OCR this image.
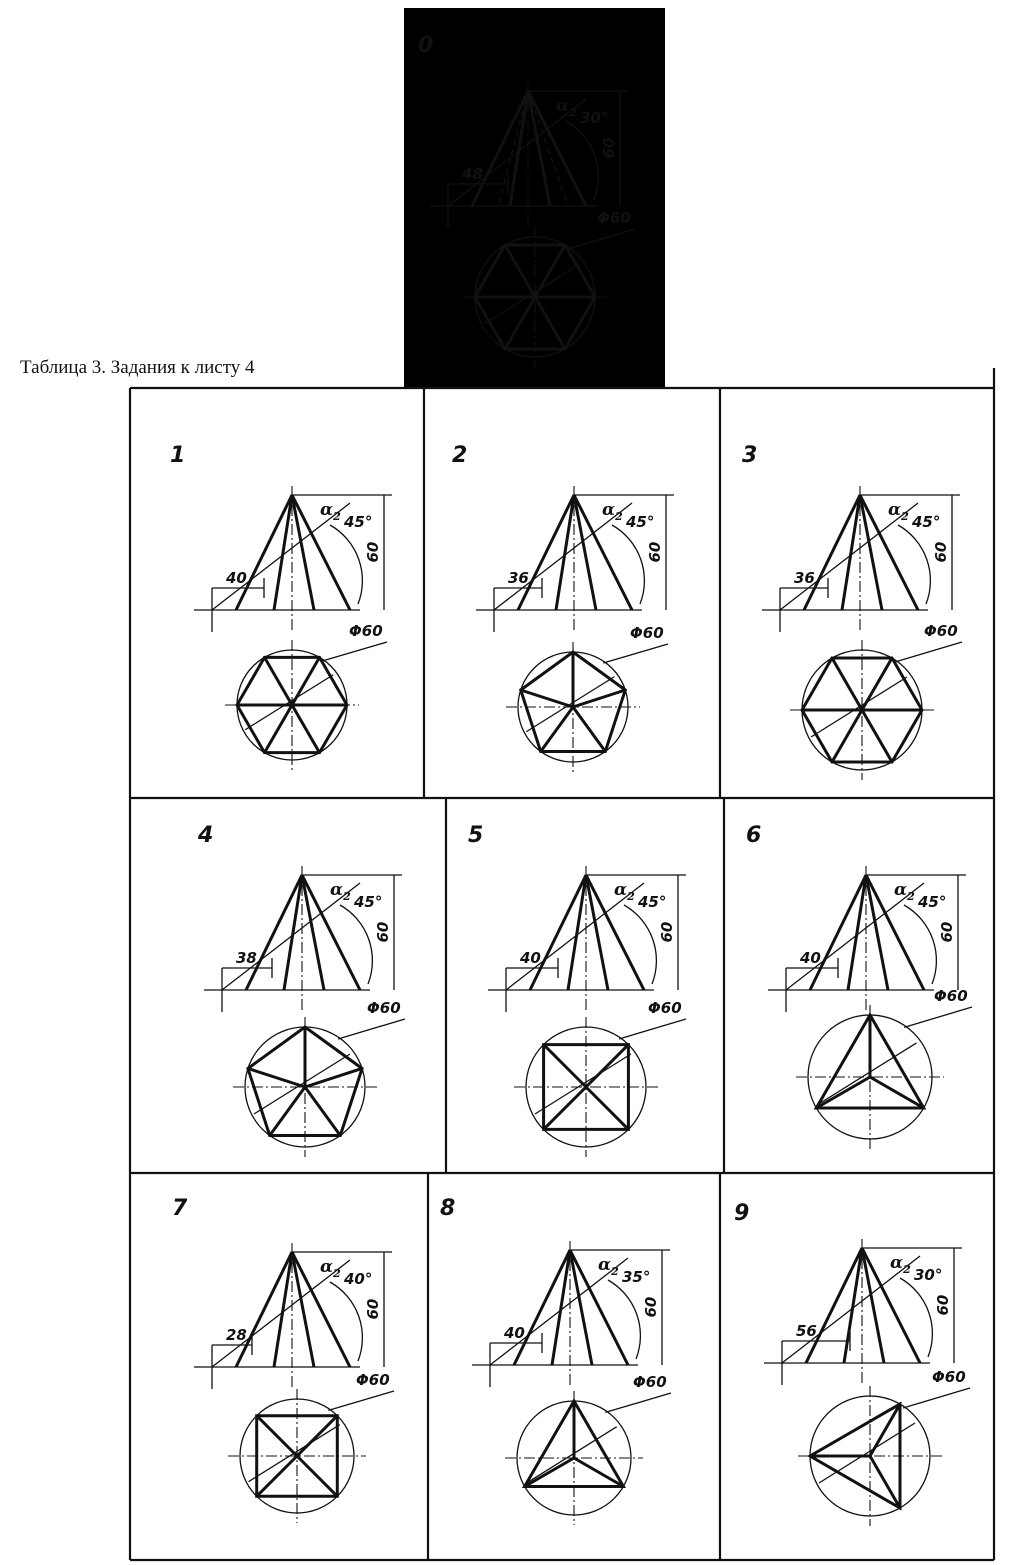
Таблица 3. Задания к листу 4
0
48
60
30°
$\alpha_2$
Φ60
1
40
60
45°
$\alpha_2$
Φ60
2
36
60
45°
$\alpha_2$
Φ60
3
36
60
45°
$\alpha_2$
Φ60
4
38
60
45°
$\alpha_2$
Φ60
5
40
60
45°
$\alpha_2$
Φ60
6
40
60
45°
$\alpha_2$
Φ60
7
28
60
40°
$\alpha_2$
Φ60
8
40
60
35°
$\alpha_2$
Φ60
9
56
60
30°
$\alpha_2$
Φ60
